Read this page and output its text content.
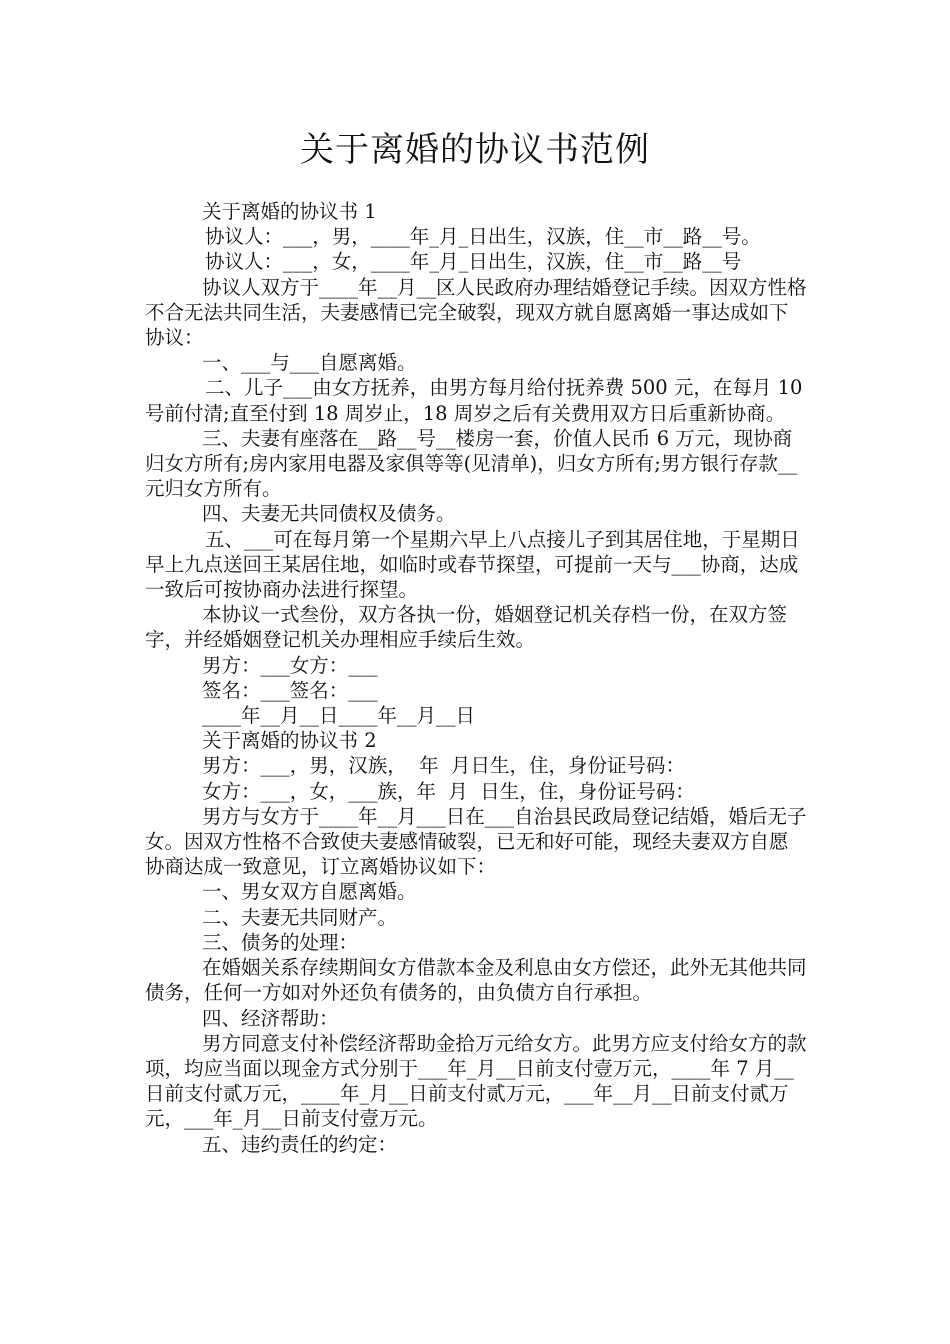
关于离婚的协议书范例

关于离婚的协议书 1

协议人：___，男，____年_月_日出生，汉族，住__市__路__号。

协议人：___，女，____年_月_日出生，汉族，住__市__路__号

协议人双方于____年__月__区人民政府办理结婚登记手续。因双方性格不合无法共同生活，夫妻感情已完全破裂，现双方就自愿离婚一事达成如下协议：

一、___与___自愿离婚。

二、儿子___由女方抚养，由男方每月给付抚养费 500 元，在每月 10 号前付清;直至付到 18 周岁止，18 周岁之后有关费用双方日后重新协商。

三、夫妻有座落在__路__号__楼房一套，价值人民币 6 万元，现协商归女方所有;房内家用电器及家俱等等(见清单)，归女方所有;男方银行存款__元归女方所有。

四、夫妻无共同债权及债务。

五、___可在每月第一个星期六早上八点接儿子到其居住地，于星期日早上九点送回王某居住地，如临时或春节探望，可提前一天与___协商，达成一致后可按协商办法进行探望。

本协议一式叁份，双方各执一份，婚姻登记机关存档一份，在双方签字，并经婚姻登记机关办理相应手续后生效。

男方：___女方：___

签名：___签名：___

____年__月__日____年__月__日

关于离婚的协议书 2

男方：___，男，汉族，  年  月日生，住，身份证号码：

女方：___，女，___族，年  月  日生，住，身份证号码：

男方与女方于____年__月___日在___自治县民政局登记结婚，婚后无子女。因双方性格不合致使夫妻感情破裂，已无和好可能，现经夫妻双方自愿协商达成一致意见，订立离婚协议如下：

一、男女双方自愿离婚。

二、夫妻无共同财产。

三、债务的处理：

在婚姻关系存续期间女方借款本金及利息由女方偿还，此外无其他共同债务，任何一方如对外还负有债务的，由负债方自行承担。

四、经济帮助：

男方同意支付补偿经济帮助金拾万元给女方。此男方应支付给女方的款项，均应当面以现金方式分别于___年_月__日前支付壹万元，____年 7 月__日前支付贰万元，____年_月__日前支付贰万元，___年__月__日前支付贰万元，___年_月__日前支付壹万元。

五、违约责任的约定：
